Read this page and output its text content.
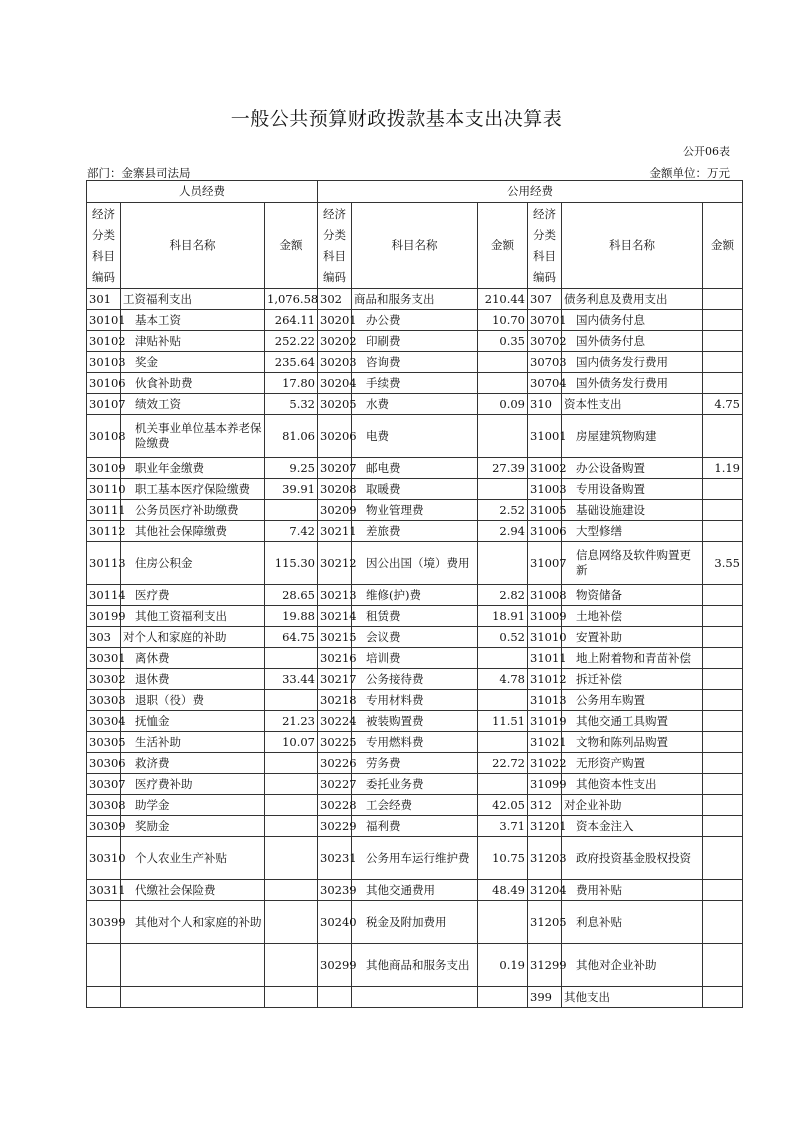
一般公共预算财政拨款基本支出决算表
公开06表
部门：金寨县司法局	金额单位：万元
人员经费			公用经费					
经济分类科目编码	科目名称	金额	经济分类科目编码	科目名称	金额	经济分类科目编码	科目名称	金额
301	工资福利支出	1,076.58	302	商品和服务支出	210.44	307	债务利息及费用支出	
30101	基本工资	264.11	30201	办公费	10.70	30701	国内债务付息	
30102	津贴补贴	252.22	30202	印刷费	0.35	30702	国外债务付息	
30103	奖金	235.64	30203	咨询费		30703	国内债务发行费用	
30106	伙食补助费	17.80	30204	手续费		30704	国外债务发行费用	
30107	绩效工资	5.32	30205	水费	0.09	310	资本性支出	4.75
30108	机关事业单位基本养老保险缴费	81.06	30206	电费		31001	房屋建筑物购建	
30109	职业年金缴费	9.25	30207	邮电费	27.39	31002	办公设备购置	1.19
30110	职工基本医疗保险缴费	39.91	30208	取暖费		31003	专用设备购置	
30111	公务员医疗补助缴费		30209	物业管理费	2.52	31005	基础设施建设	
30112	其他社会保障缴费	7.42	30211	差旅费	2.94	31006	大型修缮	
30113	住房公积金	115.30	30212	因公出国（境）费用		31007	信息网络及软件购置更新	3.55
30114	医疗费	28.65	30213	维修(护)费	2.82	31008	物资储备	
30199	其他工资福利支出	19.88	30214	租赁费	18.91	31009	土地补偿	
303	对个人和家庭的补助	64.75	30215	会议费	0.52	31010	安置补助	
30301	离休费		30216	培训费		31011	地上附着物和青苗补偿	
30302	退休费	33.44	30217	公务接待费	4.78	31012	拆迁补偿	
30303	退职（役）费		30218	专用材料费		31013	公务用车购置	
30304	抚恤金	21.23	30224	被装购置费	11.51	31019	其他交通工具购置	
30305	生活补助	10.07	30225	专用燃料费		31021	文物和陈列品购置	
30306	救济费		30226	劳务费	22.72	31022	无形资产购置	
30307	医疗费补助		30227	委托业务费		31099	其他资本性支出	
30308	助学金		30228	工会经费	42.05	312	对企业补助	
30309	奖励金		30229	福利费	3.71	31201	资本金注入	
30310	个人农业生产补贴		30231	公务用车运行维护费	10.75	31203	政府投资基金股权投资	
30311	代缴社会保险费		30239	其他交通费用	48.49	31204	费用补贴	
30399	其他对个人和家庭的补助		30240	税金及附加费用		31205	利息补贴	
			30299	其他商品和服务支出	0.19	31299	其他对企业补助	
						399	其他支出	
